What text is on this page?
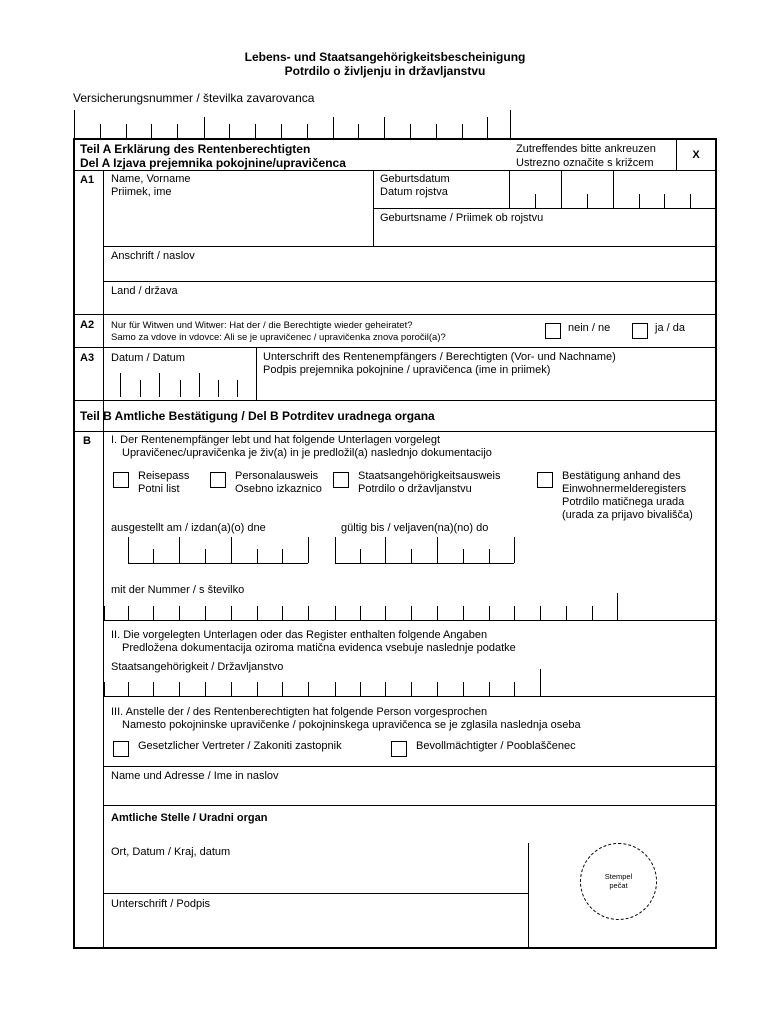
Lebens- und Staatsangehörigkeitsbescheinigung
Potrdilo o življenju in državljanstvu
Versicherungsnummer / številka zavarovanca
Teil A Erklärung des Rentenberechtigten
Del A Izjava prejemnika pokojnine/upravičenca
Zutreffendes bitte ankreuzen
Ustrezno označite s križcem
X
A1 Name, Vorname
Priimek, ime
Geburtsdatum
Datum rojstva
Geburtsname / Priimek ob rojstvu
Anschrift / naslov
Land / država
A2 Nur für Witwen und Witwer: Hat der / die Berechtigte wieder geheiratet?
Samo za vdove in vdovce: Ali se je upravičenec / upravičenka znova poročil(a)?
nein / ne	ja / da
A3 Datum / Datum	Unterschrift des Rentenempfängers / Berechtigten (Vor- und Nachname)
Podpis prejemnika pokojnine / upravičenca (ime in priimek)
Teil B Amtliche Bestätigung / Del B Potrditev uradnega organa
B I. Der Rentenempfänger lebt und hat folgende Unterlagen vorgelegt
Upravičenec/upravičenka je živ(a) in je predložil(a) naslednjo dokumentacijo
Reisepass
Potni list
Personalausweis
Osebno izkaznico
Staatsangehörigkeitsausweis
Potrdilo o državljanstvu
Bestätigung anhand des
Einwohnermelderegisters
Potrdilo matičnega urada
(urada za prijavo bivališča)
ausgestellt am / izdan(a)(o) dne	gültig bis / veljaven(na)(no) do
mit der Nummer / s številko
II. Die vorgelegten Unterlagen oder das Register enthalten folgende Angaben
Predložena dokumentacija oziroma matična evidenca vsebuje naslednje podatke
Staatsangehörigkeit / Državljanstvo
III. Anstelle der / des Rentenberechtigten hat folgende Person vorgesprochen
Namesto pokojninske upravičenke / pokojninskega upravičenca se je zglasila naslednja oseba
Gesetzlicher Vertreter / Zakoniti zastopnik	Bevollmächtigter / Pooblaščenec
Name und Adresse / Ime in naslov
Amtliche Stelle / Uradni organ
Ort, Datum / Kraj, datum
Unterschrift / Podpis
Stempel
pečat
